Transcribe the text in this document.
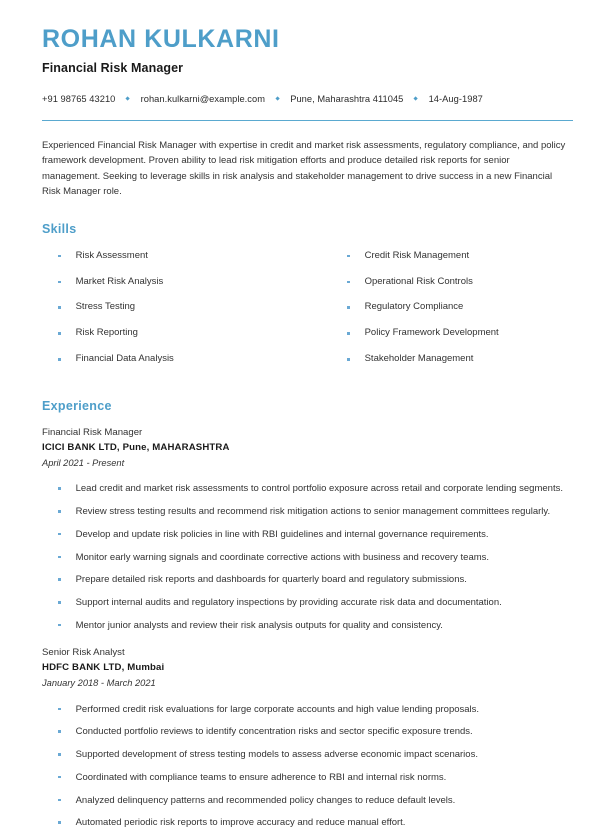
ROHAN KULKARNI
Financial Risk Manager
+91 98765 43210	rohan.kulkarni@example.com	Pune, Maharashtra 411045	14-Aug-1987
Experienced Financial Risk Manager with expertise in credit and market risk assessments, regulatory compliance, and policy framework development. Proven ability to lead risk mitigation efforts and produce detailed risk reports for senior management. Seeking to leverage skills in risk analysis and stakeholder management to drive success in a new Financial Risk Manager role.
Skills
Risk Assessment
Market Risk Analysis
Stress Testing
Risk Reporting
Financial Data Analysis
Credit Risk Management
Operational Risk Controls
Regulatory Compliance
Policy Framework Development
Stakeholder Management
Experience
Financial Risk Manager
ICICI BANK LTD, Pune, MAHARASHTRA
April 2021 - Present
Lead credit and market risk assessments to control portfolio exposure across retail and corporate lending segments.
Review stress testing results and recommend risk mitigation actions to senior management committees regularly.
Develop and update risk policies in line with RBI guidelines and internal governance requirements.
Monitor early warning signals and coordinate corrective actions with business and recovery teams.
Prepare detailed risk reports and dashboards for quarterly board and regulatory submissions.
Support internal audits and regulatory inspections by providing accurate risk data and documentation.
Mentor junior analysts and review their risk analysis outputs for quality and consistency.
Senior Risk Analyst
HDFC BANK LTD, Mumbai
January 2018 - March 2021
Performed credit risk evaluations for large corporate accounts and high value lending proposals.
Conducted portfolio reviews to identify concentration risks and sector specific exposure trends.
Supported development of stress testing models to assess adverse economic impact scenarios.
Coordinated with compliance teams to ensure adherence to RBI and internal risk norms.
Analyzed delinquency patterns and recommended policy changes to reduce default levels.
Automated periodic risk reports to improve accuracy and reduce manual effort.
